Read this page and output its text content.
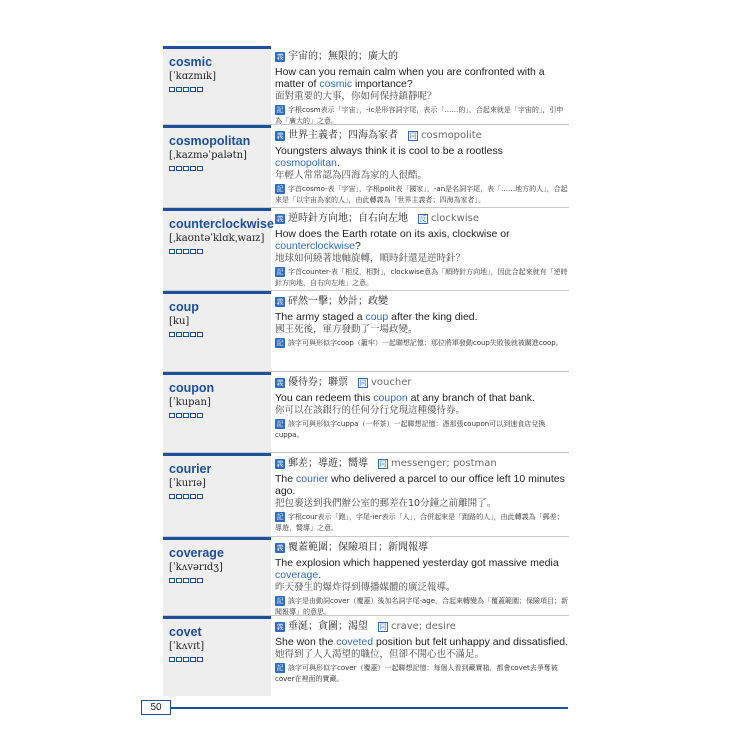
cosmic
[ˈkɑzmɪk]
義 宇宙的；無限的；廣大的
How can you remain calm when you are confronted with a matter of cosmic importance?
面對重要的大事，你如何保持鎮靜呢？
記 字根cosm表示「宇宙」，-ic是形容詞字尾，表示「……的」，合起來就是「宇宙的」，引申為「廣大的」之意。
cosmopolitan
[ˌkazməˈpalətn]
義 世界主義者；四海為家者 同 cosmopolite
Youngsters always think it is cool to be a rootless cosmopolitan.
年輕人常常認為四海為家的人很酷。
記 字首cosmo-表「宇宙」，字根polit表「國家」，-an是名詞字尾，表「……地方的人」，合起來是「以宇宙為家的人」，由此轉義為「世界主義者；四海為家者」。
counterclockwise
[ˌkaʊntəˈklɑkˌwaɪz]
義 逆時針方向地；自右向左地 反 clockwise
How does the Earth rotate on its axis, clockwise or counterclockwise?
地球如何繞著地軸旋轉，順時針還是逆時針？
記 字首counter-表「相反，相對」，clockwise意為「順時針方向地」，因此合起來就有「逆時針方向地，自右向左地」之意。
coup
[ku]
義 砰然一擊；妙計；政變
The army staged a coup after the king died.
國王死後，軍方發動了一場政變。
記 該字可與形似字coop（籠牢）一起聯想記憶：那位將軍發動coup失敗後就被關進coop。
coupon
[ˈkupan]
義 優待券；聯票 同 voucher
You can redeem this coupon at any branch of that bank.
你可以在該銀行的任何分行兌現這種優待券。
記 該字可與形似字cuppa（一杯茶）一起聯想記憶：憑那張coupon可以到速食店兌換cuppa。
courier
[ˈkurɪə]
義 郵差；導遊；嚮導 同 messenger; postman
The courier who delivered a parcel to our office left 10 minutes ago.
把包裹送到我們辦公室的郵差在10分鐘之前離開了。
記 字根cour表示「跑」，字尾-ier表示「人」，合併起來是「跑路的人」，由此轉義為「郵差；導遊，嚮導」之意。
coverage
[ˈkʌvərɪdʒ]
義 覆蓋範圍；保險項目；新聞報導
The explosion which happened yesterday got massive media coverage.
昨天發生的爆炸得到傳播媒體的廣泛報導。
記 該字是由動詞cover（覆蓋）後加名詞字尾-age，合起來轉變為「覆蓋範圍；保險項目；新聞報導」的意思。
covet
[ˈkʌvɪt]
義 垂涎；貪圖；渴望 同 crave; desire
She won the coveted position but felt unhappy and dissatisfied.
她得到了人人渴望的職位，但卻不開心也不滿足。
記 該字可與形似字cover（覆蓋）一起聯想記憶：每個人看到藏寶箱，都會covet去爭奪被cover在裡面的寶藏。
50
